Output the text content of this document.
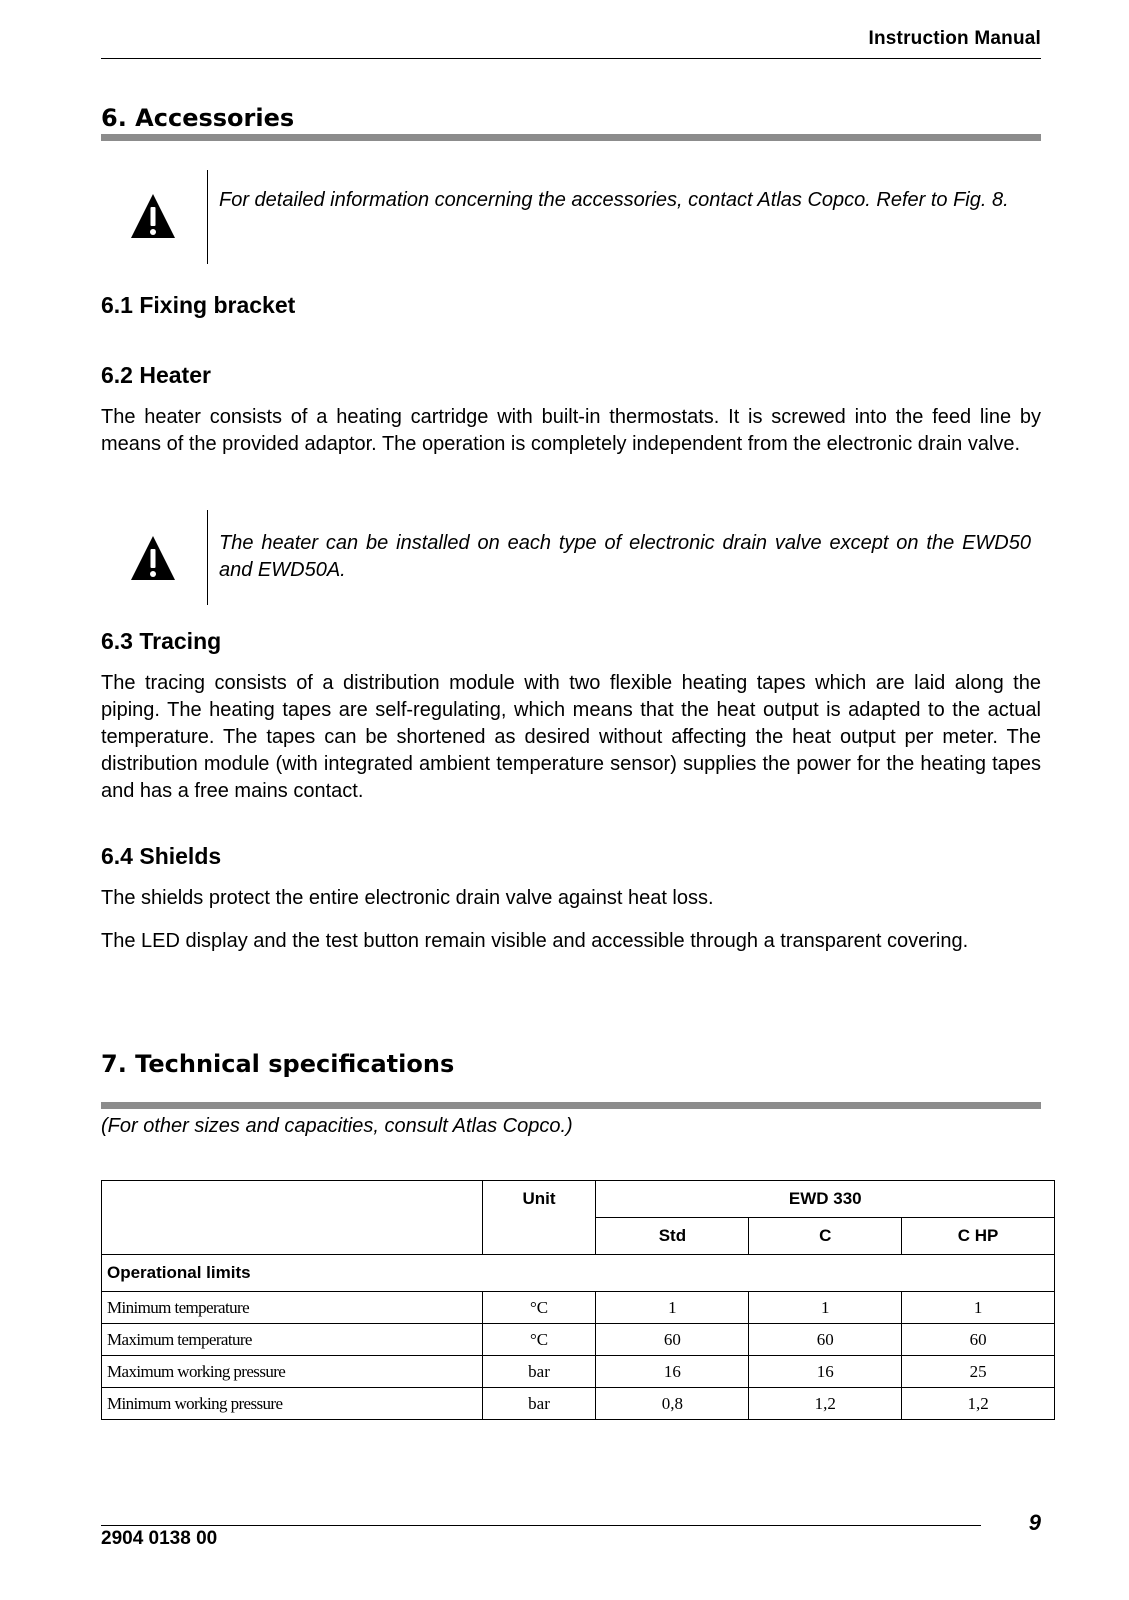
Instruction Manual
6. Accessories
For detailed information concerning the accessories, contact Atlas Copco. Refer to Fig. 8.
6.1 Fixing bracket
6.2 Heater

The heater consists of a heating cartridge with built-in thermostats. It is screwed into the feed line by means of the provided adaptor. The operation is completely independent from the electronic drain valve.

The heater can be installed on each type of electronic drain valve except on the EWD50 and EWD50A.
6.3 Tracing

The tracing consists of a distribution module with two flexible heating tapes which are laid along the piping. The heating tapes are self-regulating, which means that the heat output is adapted to the actual temperature. The tapes can be shortened as desired without affecting the heat output per meter. The distribution module (with integrated ambient temperature sensor) supplies the power for the heating tapes and has a free mains contact.

6.4 Shields

The shields protect the entire electronic drain valve against heat loss.

The LED display and the test button remain visible and accessible through a transparent covering.

7. Technical specifications
(For other sizes and capacities, consult Atlas Copco.)
	Unit	EWD 330		
		Std	C	C HP
Operational limits				
Minimum temperature	°C	1	1	1
Maximum temperature	°C	60	60	60
Maximum working pressure	bar	16	16	25
Minimum working pressure	bar	0,8	1,2	1,2
2904 0138 00
9
